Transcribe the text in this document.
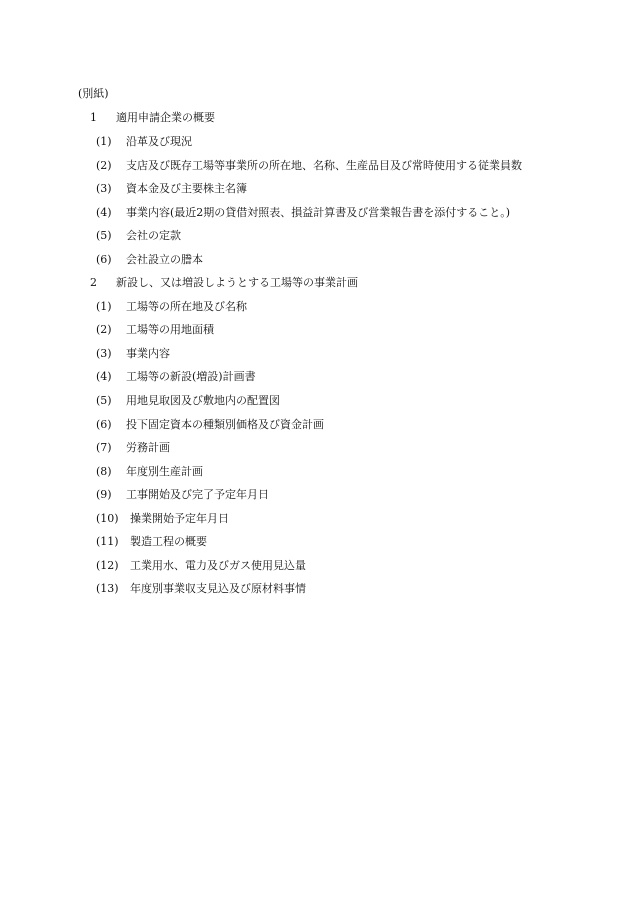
(別紙)
1 適用申請企業の概要
(1) 沿革及び現況
(2) 支店及び既存工場等事業所の所在地、名称、生産品目及び常時使用する従業員数
(3) 資本金及び主要株主名簿
(4) 事業内容(最近2期の貸借対照表、損益計算書及び営業報告書を添付すること。)
(5) 会社の定款
(6) 会社設立の謄本
2 新設し、又は増設しようとする工場等の事業計画
(1) 工場等の所在地及び名称
(2) 工場等の用地面積
(3) 事業内容
(4) 工場等の新設(増設)計画書
(5) 用地見取図及び敷地内の配置図
(6) 投下固定資本の種類別価格及び資金計画
(7) 労務計画
(8) 年度別生産計画
(9) 工事開始及び完了予定年月日
(10) 操業開始予定年月日
(11) 製造工程の概要
(12) 工業用水、電力及びガス使用見込量
(13) 年度別事業収支見込及び原材料事情
